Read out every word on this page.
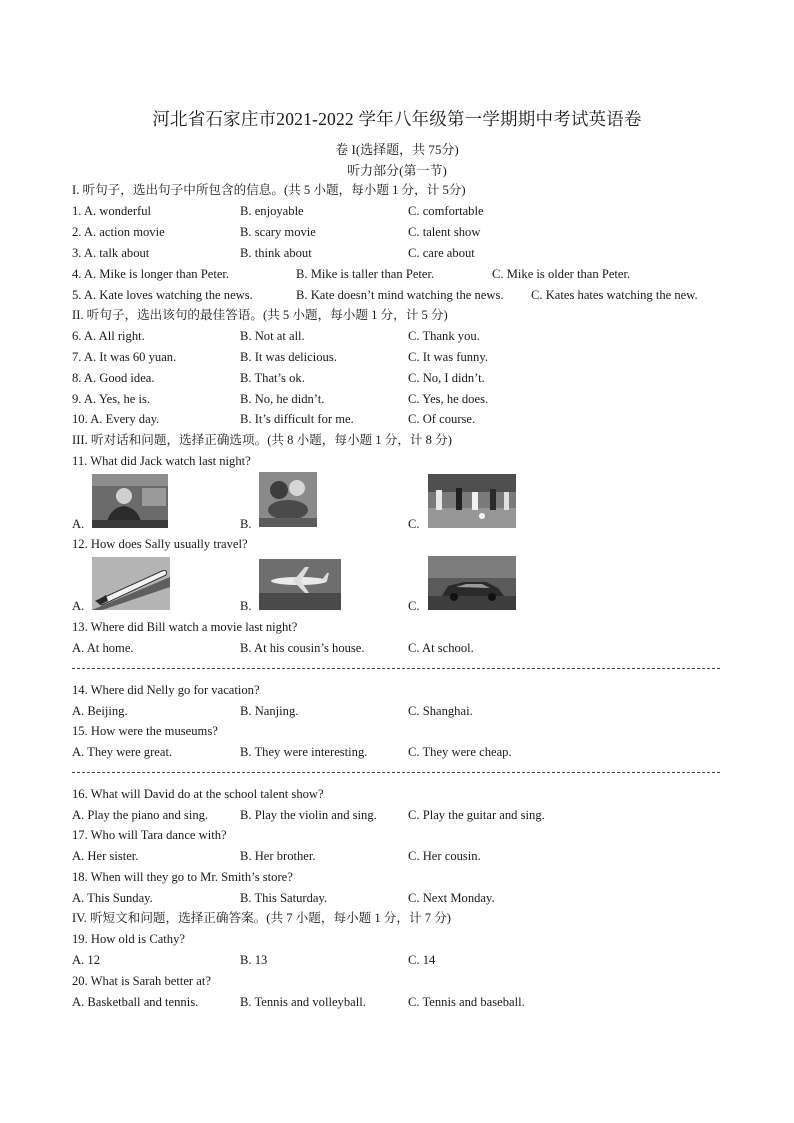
河北省石家庄市2021-2022 学年八年级第一学期期中考试英语卷
卷 I(选择题，共 75分)
听力部分(第一节)
I. 听句子，选出句子中所包含的信息。(共 5 小题，每小题 1 分，计 5分)
1. A. wonderful	B. enjoyable	C. comfortable
2. A. action movie	B. scary movie	C. talent show
3. A. talk about	B. think about	C. care about
4. A. Mike is longer than Peter.	B. Mike is taller than Peter.	C. Mike is older than Peter.
5. A. Kate loves watching the news.	B. Kate doesn’t mind watching the news. C. Kates hates watching the new.
II. 听句子，选出该句的最佳答语。(共 5 小题，每小题 1 分，计 5 分)
6. A. All right.	B. Not at all.	C. Thank you.
7. A. It was 60 yuan.	B. It was delicious.	C. It was funny.
8. A. Good idea.	B. That’s ok.	C. No, I didn’t.
9. A. Yes, he is.	B. No, he didn’t.	C. Yes, he does.
10. A. Every day.	B. It’s difficult for me.	C. Of course.
III. 听对话和问题，选择正确选项。(共 8 小题，每小题 1 分，计 8 分)
11. What did Jack watch last night?
A.	B.	C.
12. How does Sally usually travel?
A.	B.	C.
13. Where did Bill watch a movie last night?
A. At home.	B. At his cousin’s house.	C. At school.
14. Where did Nelly go for vacation?
A. Beijing.	B. Nanjing.	C. Shanghai.
15. How were the museums?
A. They were great.	B. They were interesting.	C. They were cheap.
16. What will David do at the school talent show?
A. Play the piano and sing.	B. Play the violin and sing. C. Play the guitar and sing.
17. Who will Tara dance with?
A. Her sister.	B. Her brother.	C. Her cousin.
18. When will they go to Mr. Smith’s store?
A. This Sunday.	B. This Saturday.	C. Next Monday.
IV. 听短文和问题，选择正确答案。(共 7 小题，每小题 1 分，计 7 分)
19. How old is Cathy?
A. 12	B. 13	C. 14
20. What is Sarah better at?
A. Basketball and tennis.	B. Tennis and volleyball.	C. Tennis and baseball.
